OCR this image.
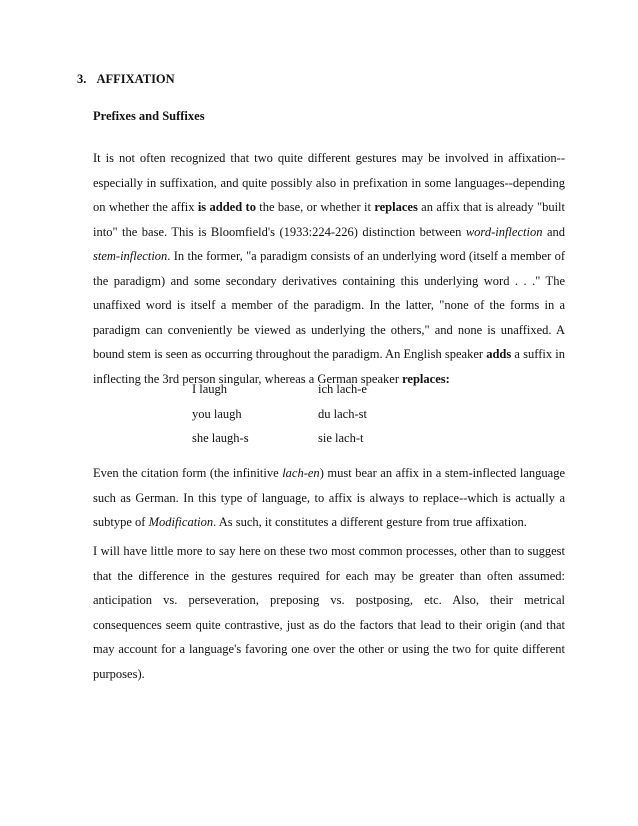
3. AFFIXATION
Prefixes and Suffixes

It is not often recognized that two quite different gestures may be involved in affixation--especially in suffixation, and quite possibly also in prefixation in some languages--depending on whether the affix is added to the base, or whether it replaces an affix that is already "built into" the base. This is Bloomfield's (1933:224-226) distinction between word-inflection and stem-inflection. In the former, "a paradigm consists of an underlying word (itself a member of the paradigm) and some secondary derivatives containing this underlying word . . ." The unaffixed word is itself a member of the paradigm. In the latter, "none of the forms in a paradigm can conveniently be viewed as underlying the others," and none is unaffixed. A bound stem is seen as occurring throughout the paradigm. An English speaker adds a suffix in inflecting the 3rd person singular, whereas a German speaker replaces:

I laugh	ich lach-e
you laugh	du lach-st
she laugh-s	sie lach-t

Even the citation form (the infinitive lach-en) must bear an affix in a stem-inflected language such as German. In this type of language, to affix is always to replace--which is actually a subtype of Modification. As such, it constitutes a different gesture from true affixation.

I will have little more to say here on these two most common processes, other than to suggest that the difference in the gestures required for each may be greater than often assumed: anticipation vs. perseveration, preposing vs. postposing, etc. Also, their metrical consequences seem quite contrastive, just as do the factors that lead to their origin (and that may account for a language's favoring one over the other or using the two for quite different purposes).
